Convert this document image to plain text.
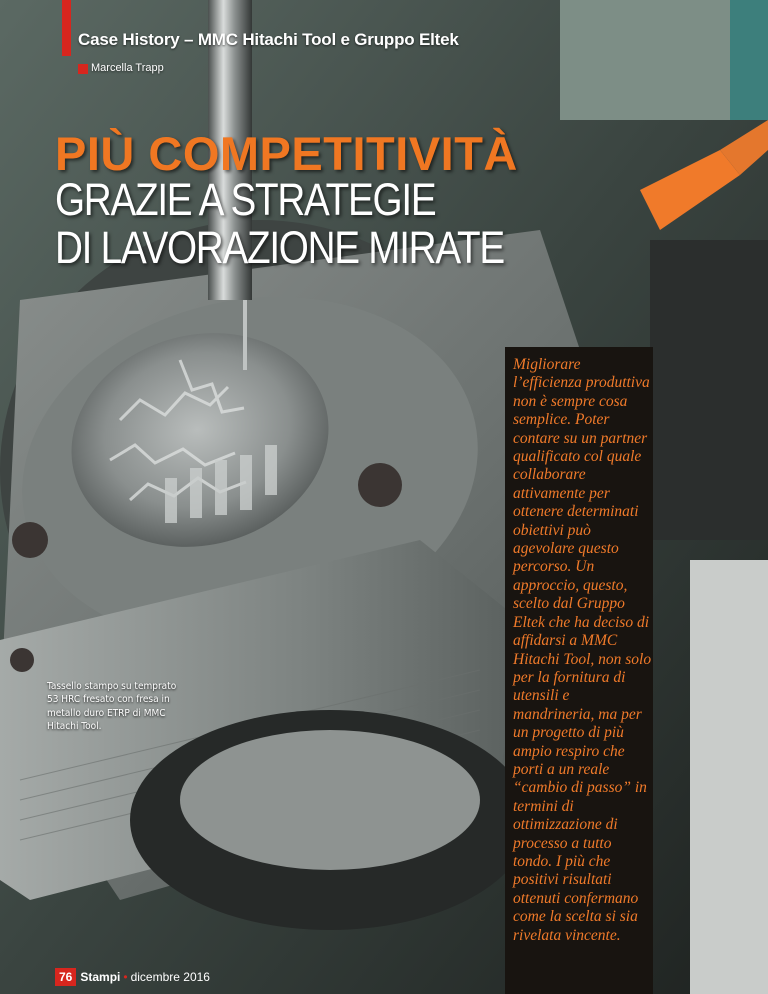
Case History – MMC Hitachi Tool e Gruppo Eltek
Marcella Trapp
PIÙ COMPETITIVITÀ
GRAZIE A STRATEGIE
DI LAVORAZIONE MIRATE

Migliorare l’efficienza produttiva non è sempre cosa semplice. Poter contare su un partner qualificato col quale collaborare attivamente per ottenere determinati obiettivi può agevolare questo percorso. Un approccio, questo, scelto dal Gruppo Eltek che ha deciso di affidarsi a MMC Hitachi Tool, non solo per la fornitura di utensili e mandrineria, ma per un progetto di più ampio respiro che porti a un reale “cambio di passo” in termini di ottimizzazione di processo a tutto tondo. I più che positivi risultati ottenuti confermano come la scelta si sia rivelata vincente.

Tassello stampo su temprato 53 HRC fresato con fresa in metallo duro ETRP di MMC Hitachi Tool.

76 Stampi • dicembre 2016
